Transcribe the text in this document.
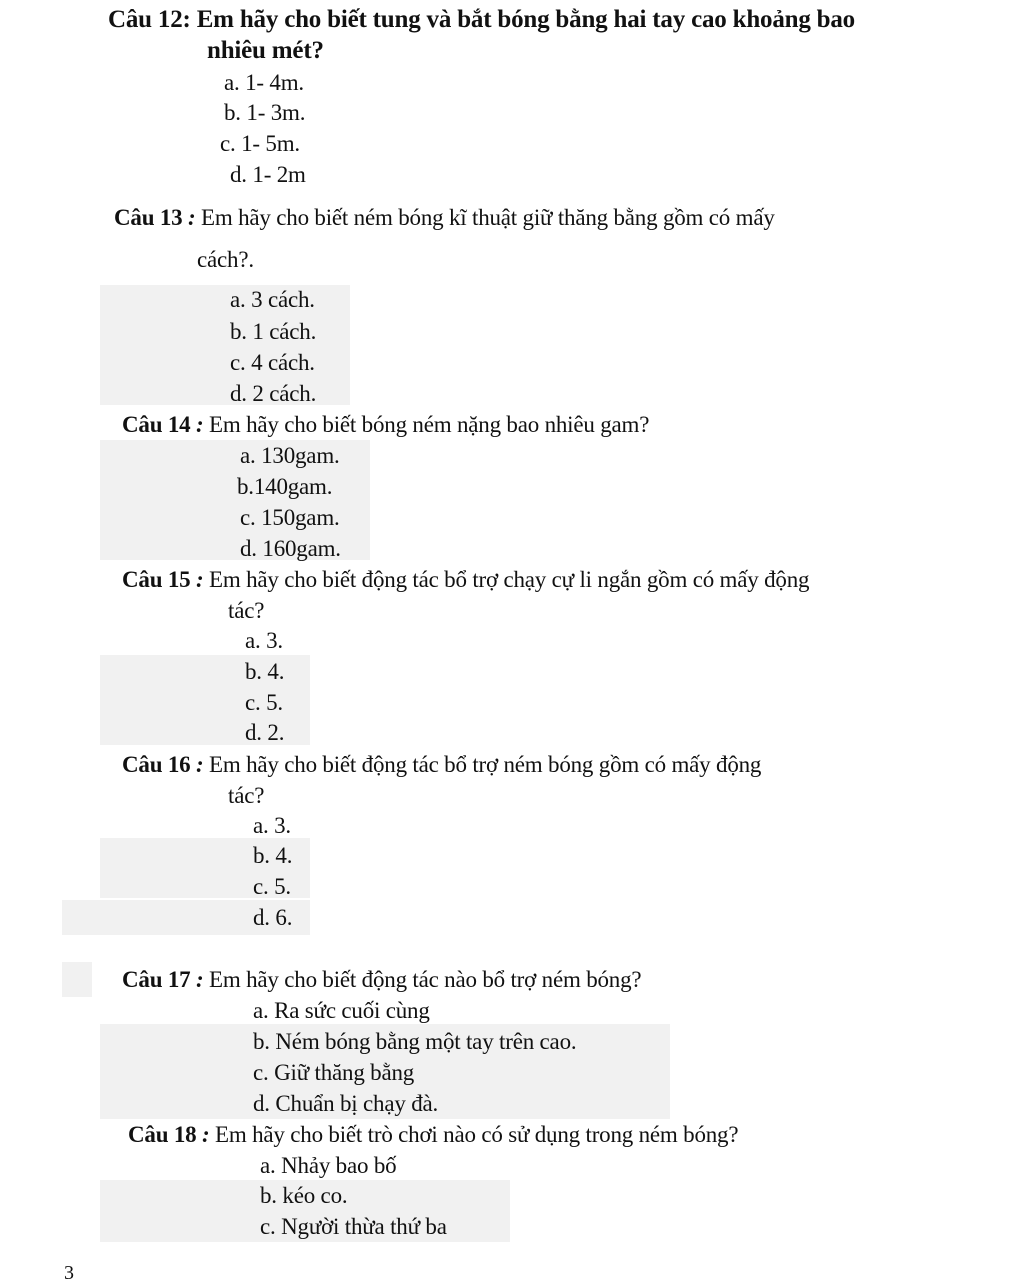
Câu 12: Em hãy cho biết tung và bắt bóng bằng hai tay cao khoảng bao
nhiêu mét?
a. 1- 4m.
b. 1- 3m.
c. 1- 5m.
d. 1- 2m
Câu 13 : Em hãy cho biết ném bóng kĩ thuật giữ thăng bằng gồm có mấy
cách?.
a. 3 cách.
b. 1 cách.
c. 4 cách.
d. 2 cách.
Câu 14 : Em hãy cho biết bóng ném nặng bao nhiêu gam?
a. 130gam.
b.140gam.
c. 150gam.
d. 160gam.
Câu 15 : Em hãy cho biết động tác bổ trợ chạy cự li ngắn gồm có mấy động
tác?
a. 3.
b. 4.
c. 5.
d. 2.
Câu 16 : Em hãy cho biết động tác bổ trợ ném bóng gồm có mấy động
tác?
a. 3.
b. 4.
c. 5.
d. 6.
Câu 17 : Em hãy cho biết động tác nào bổ trợ ném bóng?
a. Ra sức cuối cùng
b. Ném bóng bằng một tay trên cao.
c. Giữ thăng bằng
d. Chuẩn bị chạy đà.
Câu 18 : Em hãy cho biết trò chơi nào có sử dụng trong ném bóng?
a. Nhảy bao bố
b. kéo co.
c. Người thừa thứ ba
3
